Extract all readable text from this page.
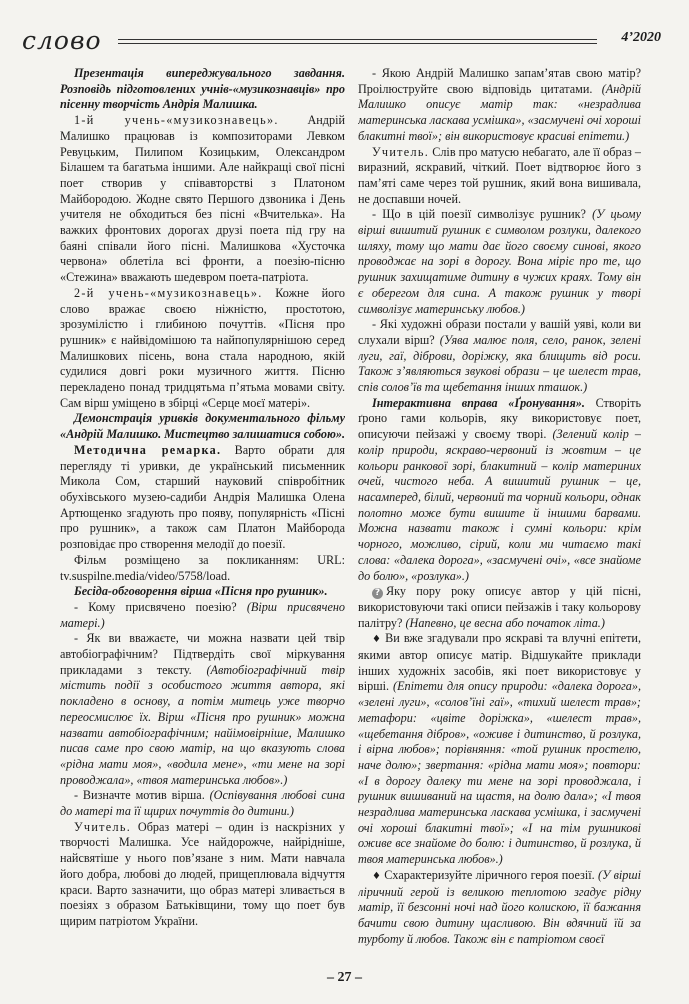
слово	4’2020

Презентація випереджувального завдання. Розповідь підготовлених учнів-«музикознавців» про пісенну творчість Андрія Малишка.

1-й учень-«музикознавець». Андрій Малишко працював із композиторами Левком Ревуцьким, Пилипом Козицьким, Олександром Білашем та багатьма іншими. Але найкращі свої пісні поет створив у співавторстві з Платоном Майбородою. Жодне свято Першого дзвоника і День учителя не обходиться без пісні «Вчителька». На важких фронтових дорогах друзі поета під гру на баяні співали його пісні. Малишкова «Хусточка червона» облетіла всі фронти, а поезію-пісню «Стежина» вважають шедевром поета-патріота.

2-й учень-«музикознавець». Кожне його слово вражає своєю ніжністю, простотою, зрозумілістю і глибиною почуттів. «Пісня про рушник» є найвідомішою та найпопулярнішою серед Малишкових пісень, вона стала народною, якій судилися довгі роки музичного життя. Пісню перекладено понад тридцятьма п’ятьма мовами світу. Сам вірш уміщено в збірці «Серце моєї матері».

Демонстрація уривків документального фільму «Андрій Малишко. Мистецтво залишатися собою».

Методична ремарка. Варто обрати для перегляду ті уривки, де український письменник Микола Сом, старший науковий співробітник обухівського музею-садиби Андрія Малишка Олена Артющенко згадують про появу, популярність «Пісні про рушник», а також сам Платон Майборода розповідає про створення мелодії до поезії.

Фільм розміщено за покликанням: URL: tv.suspilne.media/video/5758/load.

Бесіда-обговорення вірша «Пісня про рушник».

- Кому присвячено поезію? (Вірш присвячено матері.)

- Як ви вважаєте, чи можна назвати цей твір автобіографічним? Підтвердіть свої міркування прикладами з тексту. (Автобіографічний твір містить події з особистого життя автора, які покладено в основу, а потім митець уже творчо переосмислює їх. Вірш «Пісня про рушник» можна назвати автобіографічним; найімовірніше, Малишко писав саме про свою матір, на що вказують слова «рідна мати моя», «водила мене», «ти мене на зорі проводжала», «твоя материнська любов».)

- Визначте мотив вірша. (Оспівування любові сина до матері та її щирих почуттів до дитини.)

Учитель. Образ матері – один із наскрізних у творчості Малишка. Усе найдорожче, найрідніше, найсвятіше у нього пов’язане з ним. Мати навчала його добра, любові до людей, прищеплювала відчуття краси. Варто зазначити, що образ матері зливається в поезіях з образом Батьківщини, тому що поет був щирим патріотом України.

- Якою Андрій Малишко запам’ятав свою матір? Проілюструйте свою відповідь цитатами. (Андрій Малишко описує матір так: «незрадлива материнська ласкава усмішка», «засмучені очі хороші блакитні твої»; він використовує красиві епітети.)

Учитель. Слів про матусю небагато, але її образ – виразний, яскравий, чіткий. Поет відтворює його з пам’яті саме через той рушник, який вона вишивала, не доспавши ночей.

- Що в цій поезії символізує рушник? (У цьому вірші вишитий рушник є символом розлуки, далекого шляху, тому що мати дає його своєму синові, якого проводжає на зорі в дорогу. Вона міріє про те, що рушник захищатиме дитину в чужих краях. Тому він є оберегом для сина. А також рушник у творі символізує материнську любов.)

- Які художні образи постали у вашій уяві, коли ви слухали вірш? (Уява малює поля, село, ранок, зелені луги, гаї, діброви, доріжку, яка блищить від роси. Також з’являються звукові образи – це шелест трав, спів солов’їв та щебетання інших пташок.)

Інтерактивна вправа «Ґронування». Створіть ґроно гами кольорів, яку використовує поет, описуючи пейзажі у своєму творі. (Зелений колір – колір природи, яскраво-червоний із жовтим – це кольори ранкової зорі, блакитний – колір материних очей, чистого неба. А вишитий рушник – це, насамперед, білий, червоний та чорний кольори, однак полотно може бути вишите й іншими барвами. Можна назвати також і сумні кольори: крім чорного, можливо, сірий, коли ми читаємо такі слова: «далека дорога», «засмучені очі», «все знайоме до болю», «розлука».)

? Яку пору року описує автор у цій пісні, використовуючи такі описи пейзажів і таку кольорову палітру? (Напевно, це весна або початок літа.)

♦ Ви вже згадували про яскраві та влучні епітети, якими автор описує матір. Відшукайте приклади інших художніх засобів, які поет використовує у вірші. (Епітети для опису природи: «далека дорога», «зелені луги», «солов’їні гаї», «тихий шелест трав»; метафори: «цвіте доріжка», «шелест трав», «щебетання дібров», «оживе і дитинство, й розлука, і вірна любов»; порівняння: «той рушник простелю, наче долю»; звертання: «рідна мати моя»; повтори: «І в дорогу далеку ти мене на зорі проводжала, і рушник вишиваний на щастя, на долю дала»; «І твоя незрадлива материнська ласкава усмішка, і засмучені очі хороші блакитні твої»; «І на тім рушникові оживе все знайоме до болю: і дитинство, й розлука, й твоя материнська любов».)

♦ Схарактеризуйте ліричного героя поезії. (У вірші ліричний герой із великою теплотою згадує рідну матір, її безсонні ночі над його колискою, її бажання бачити свою дитину щасливою. Він вдячний їй за турботу й любов. Також він є патріотом своєї

– 27 –
